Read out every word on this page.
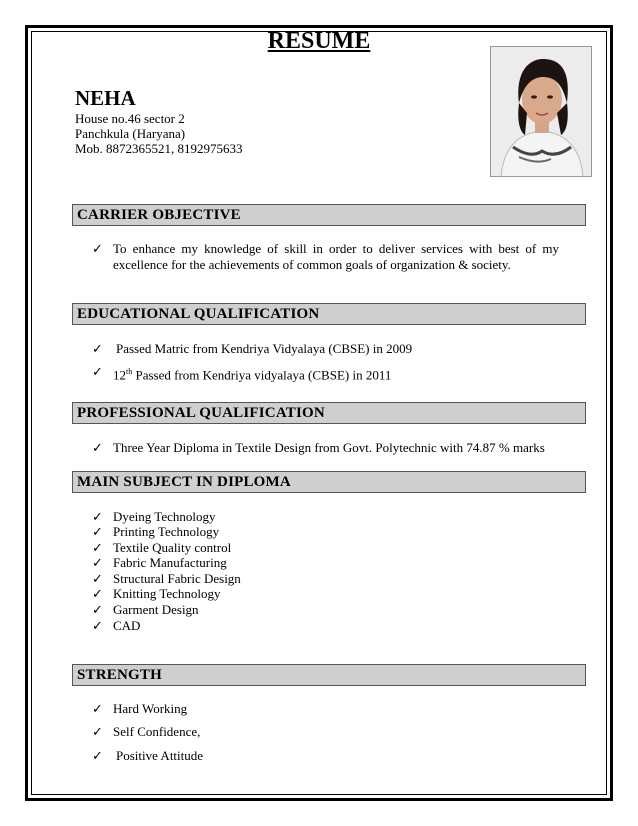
RESUME
NEHA
House no.46 sector 2
Panchkula (Haryana)
Mob. 8872365521, 8192975633
CARRIER OBJECTIVE
✓ To enhance my knowledge of skill in order to deliver services with best of my excellence for the achievements of common goals of organization & society.
EDUCATIONAL QUALIFICATION
✓ Passed Matric from Kendriya Vidyalaya (CBSE) in 2009
✓ 12th Passed from Kendriya vidyalaya (CBSE) in 2011
PROFESSIONAL QUALIFICATION
✓ Three Year Diploma in Textile Design from Govt. Polytechnic with 74.87 % marks
MAIN SUBJECT IN DIPLOMA
✓ Dyeing Technology
✓ Printing Technology
✓ Textile Quality control
✓ Fabric Manufacturing
✓ Structural Fabric Design
✓ Knitting Technology
✓ Garment Design
✓ CAD
STRENGTH
✓ Hard Working
✓ Self Confidence,
✓ Positive Attitude
